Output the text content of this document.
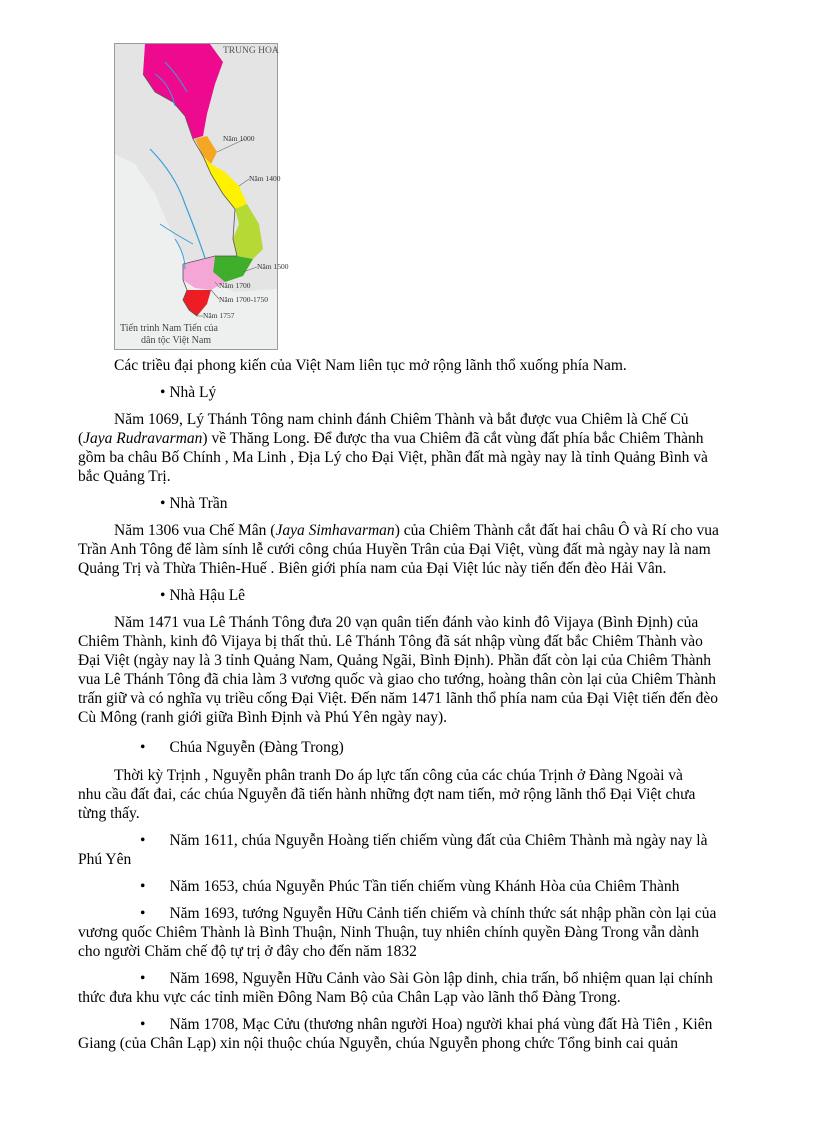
TRUNG HOA
Năm 1000
Năm 1400
Năm 1500
Năm 1700
Năm 1700-1750
Năm 1757
Tiến trình Nam Tiến của
dân tộc Việt Nam
Các triều đại phong kiến của Việt Nam liên tục mở rộng lãnh thổ xuống phía Nam.
• Nhà Lý
Năm 1069, Lý Thánh Tông nam chinh đánh Chiêm Thành và bắt được vua Chiêm là Chế Củ
(Jaya Rudravarman) về Thăng Long. Để được tha vua Chiêm đã cắt vùng đất phía bắc Chiêm Thành
gồm ba châu Bố Chính , Ma Linh , Địa Lý cho Đại Việt, phần đất mà ngày nay là tỉnh Quảng Bình và
bắc Quảng Trị.
• Nhà Trần
Năm 1306 vua Chế Mân (Jaya Simhavarman) của Chiêm Thành cắt đất hai châu Ô và Rí cho vua
Trần Anh Tông để làm sính lễ cưới công chúa Huyền Trân của Đại Việt, vùng đất mà ngày nay là nam
Quảng Trị và Thừa Thiên-Huế . Biên giới phía nam của Đại Việt lúc này tiến đến đèo Hải Vân.
• Nhà Hậu Lê
Năm 1471 vua Lê Thánh Tông đưa 20 vạn quân tiến đánh vào kinh đô Vijaya (Bình Định) của
Chiêm Thành, kinh đô Vijaya bị thất thủ. Lê Thánh Tông đã sát nhập vùng đất bắc Chiêm Thành vào
Đại Việt (ngày nay là 3 tỉnh Quảng Nam, Quảng Ngãi, Bình Định). Phần đất còn lại của Chiêm Thành
vua Lê Thánh Tông đã chia làm 3 vương quốc và giao cho tướng, hoàng thân còn lại của Chiêm Thành
trấn giữ và có nghĩa vụ triều cống Đại Việt. Đến năm 1471 lãnh thổ phía nam của Đại Việt tiến đến đèo
Cù Mông (ranh giới giữa Bình Định và Phú Yên ngày nay).
• Chúa Nguyễn (Đàng Trong)
Thời kỳ Trịnh , Nguyễn phân tranh Do áp lực tấn công của các chúa Trịnh ở Đàng Ngoài và
nhu cầu đất đai, các chúa Nguyễn đã tiến hành những đợt nam tiến, mở rộng lãnh thổ Đại Việt chưa
từng thấy.
• Năm 1611, chúa Nguyễn Hoàng tiến chiếm vùng đất của Chiêm Thành mà ngày nay là
Phú Yên
• Năm 1653, chúa Nguyễn Phúc Tần tiến chiếm vùng Khánh Hòa của Chiêm Thành
• Năm 1693, tướng Nguyễn Hữu Cảnh tiến chiếm và chính thức sát nhập phần còn lại của
vương quốc Chiêm Thành là Bình Thuận, Ninh Thuận, tuy nhiên chính quyền Đàng Trong vẫn dành
cho người Chăm chế độ tự trị ở đây cho đến năm 1832
• Năm 1698, Nguyễn Hữu Cảnh vào Sài Gòn lập dinh, chia trấn, bổ nhiệm quan lại chính
thức đưa khu vực các tỉnh miền Đông Nam Bộ của Chân Lạp vào lãnh thổ Đàng Trong.
• Năm 1708, Mạc Cửu (thương nhân người Hoa) người khai phá vùng đất Hà Tiên , Kiên
Giang (của Chân Lạp) xin nội thuộc chúa Nguyễn, chúa Nguyễn phong chức Tổng binh cai quản
